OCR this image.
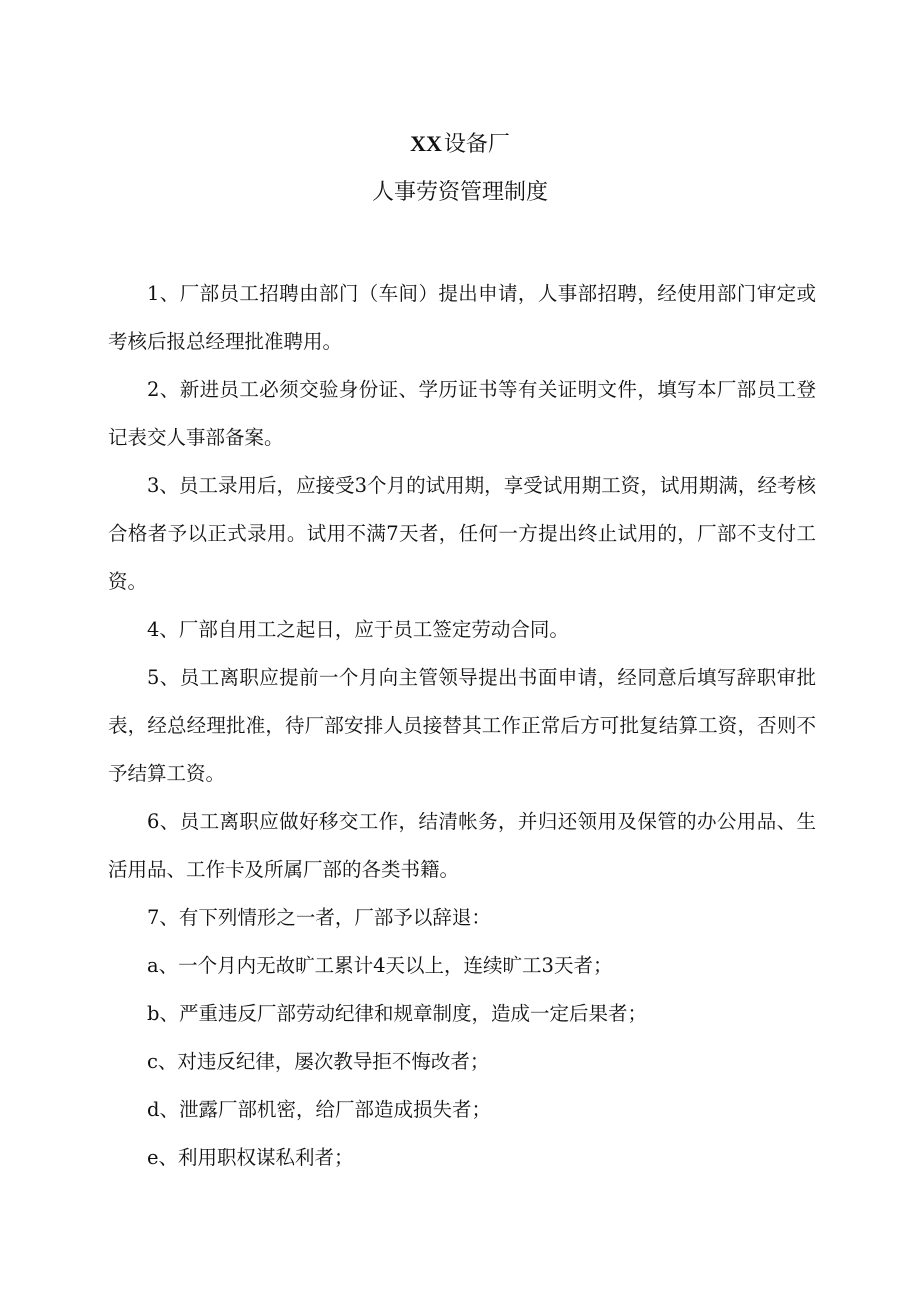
XX设备厂
人事劳资管理制度

1、厂部员工招聘由部门（车间）提出申请，人事部招聘，经使用部门审定或考核后报总经理批准聘用。

2、新进员工必须交验身份证、学历证书等有关证明文件，填写本厂部员工登记表交人事部备案。

3、员工录用后，应接受3个月的试用期，享受试用期工资，试用期满，经考核合格者予以正式录用。试用不满7天者，任何一方提出终止试用的，厂部不支付工资。

4、厂部自用工之起日，应于员工签定劳动合同。

5、员工离职应提前一个月向主管领导提出书面申请，经同意后填写辞职审批表，经总经理批准，待厂部安排人员接替其工作正常后方可批复结算工资，否则不予结算工资。

6、员工离职应做好移交工作，结清帐务，并归还领用及保管的办公用品、生活用品、工作卡及所属厂部的各类书籍。

7、有下列情形之一者，厂部予以辞退：

a、一个月内无故旷工累计4天以上，连续旷工3天者；

b、严重违反厂部劳动纪律和规章制度，造成一定后果者；

c、对违反纪律，屡次教导拒不悔改者；

d、泄露厂部机密，给厂部造成损失者；

e、利用职权谋私利者；
